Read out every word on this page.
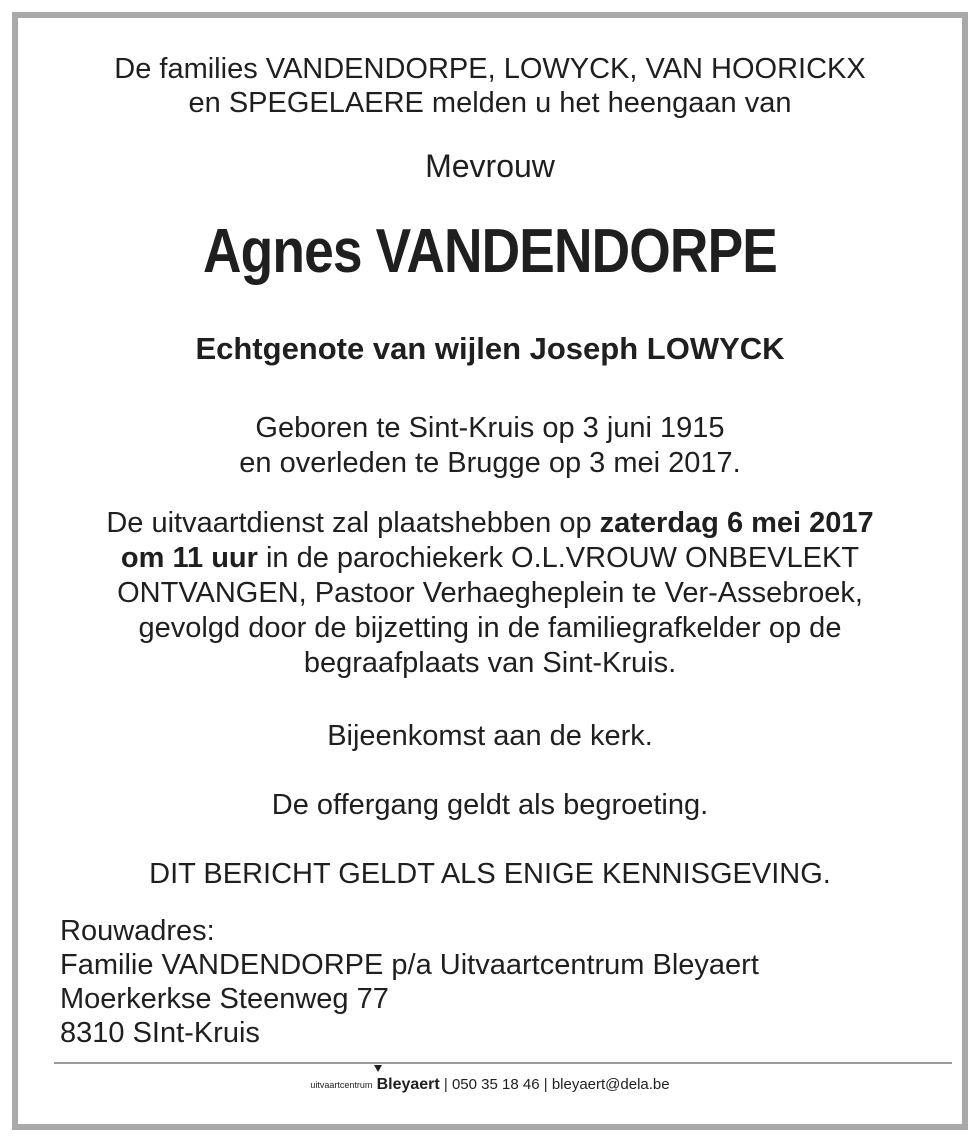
De families VANDENDORPE, LOWYCK, VAN HOORICKX
en SPEGELAERE melden u het heengaan van
Mevrouw
Agnes VANDENDORPE
Echtgenote van wijlen Joseph LOWYCK
Geboren te Sint-Kruis op 3 juni 1915
en overleden te Brugge op 3 mei 2017.
De uitvaartdienst zal plaatshebben op zaterdag 6 mei 2017
om 11 uur in de parochiekerk O.L.VROUW ONBEVLEKT
ONTVANGEN, Pastoor Verhaegheplein te Ver-Assebroek,
gevolgd door de bijzetting in de familiegrafkelder op de
begraafplaats van Sint-Kruis.
Bijeenkomst aan de kerk.
De offergang geldt als begroeting.
DIT BERICHT GELDT ALS ENIGE KENNISGEVING.
Rouwadres:
Familie VANDENDORPE p/a Uitvaartcentrum Bleyaert
Moerkerkse Steenweg 77
8310 SInt-Kruis
uitvaartcentrum Bleyaert | 050 35 18 46 | bleyaert@dela.be
